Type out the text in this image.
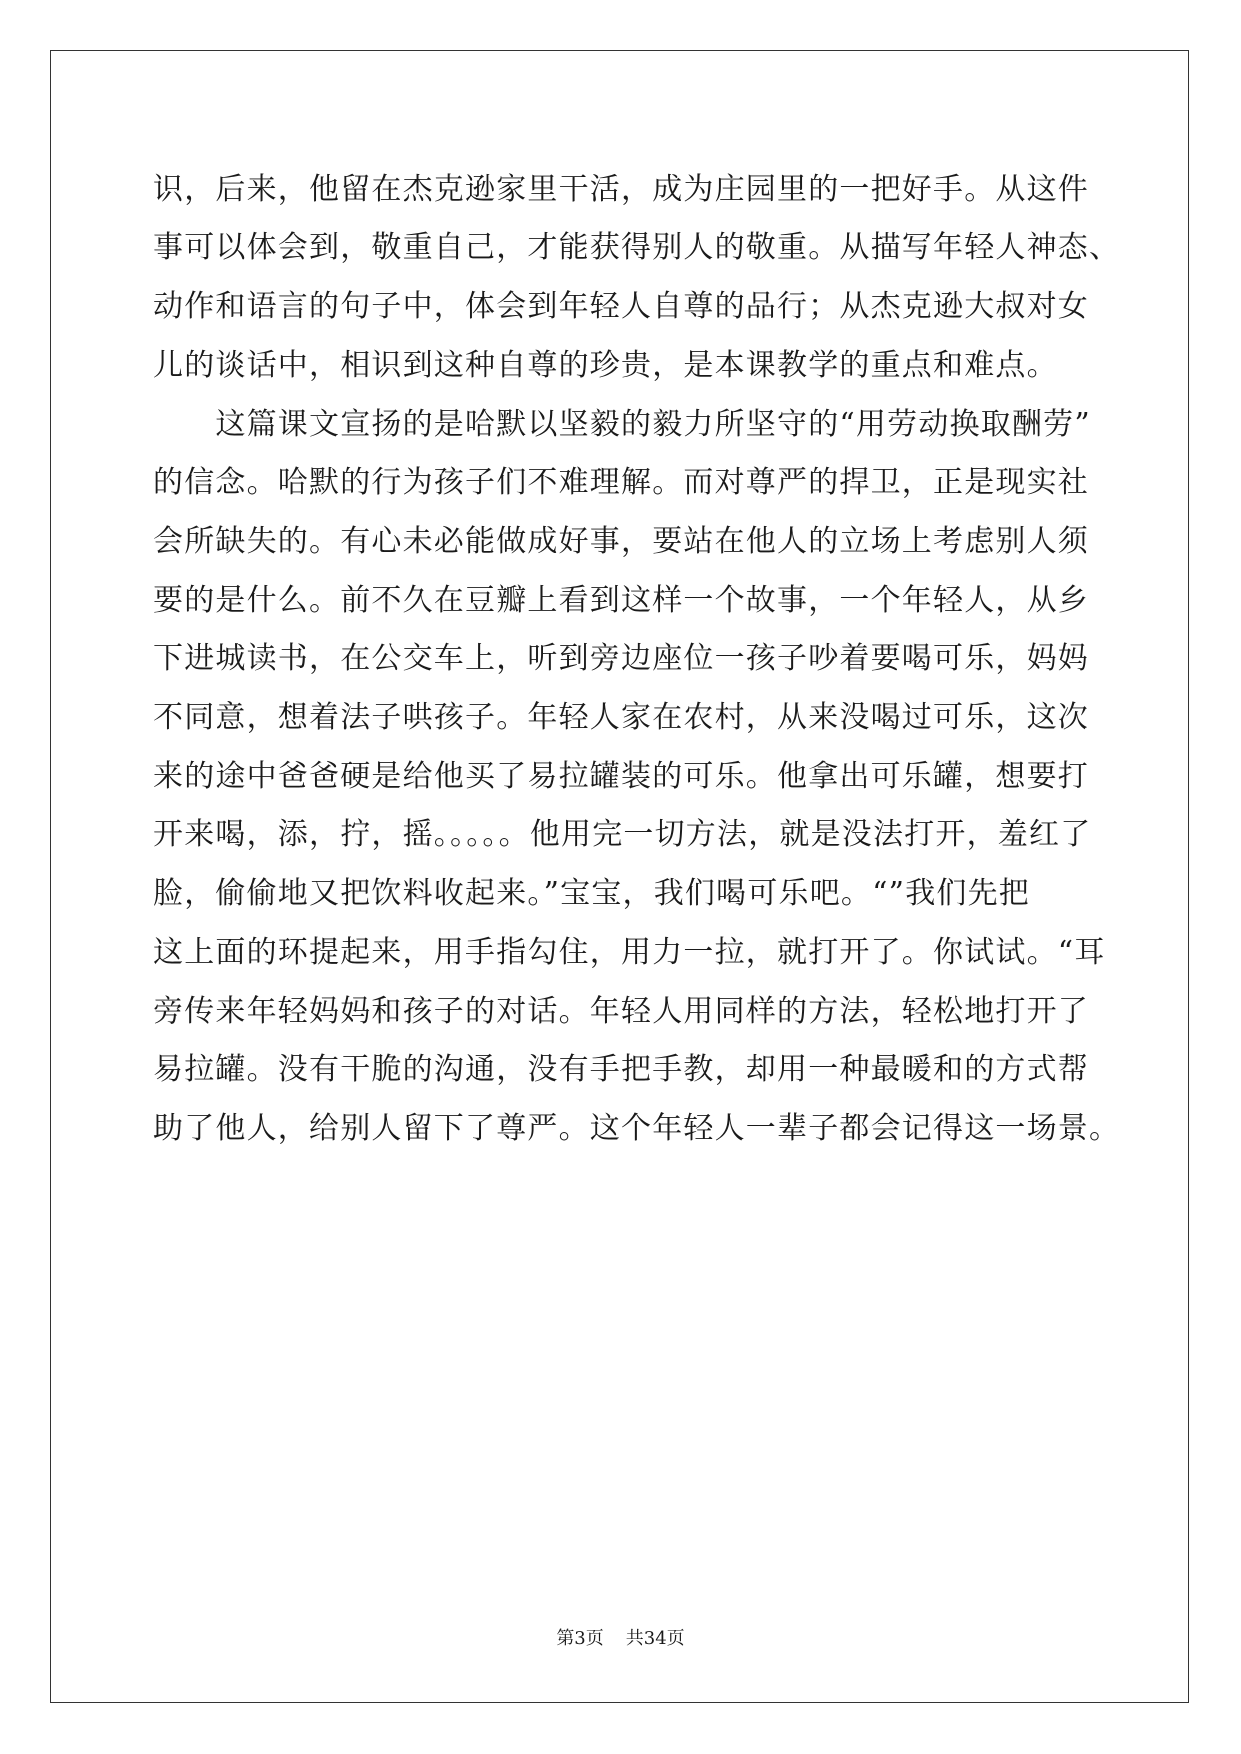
识，后来，他留在杰克逊家里干活，成为庄园里的一把好手。从这件
事可以体会到，敬重自己，才能获得别人的敬重。从描写年轻人神态、
动作和语言的句子中，体会到年轻人自尊的品行；从杰克逊大叔对女
儿的谈话中，相识到这种自尊的珍贵，是本课教学的重点和难点。
　　这篇课文宣扬的是哈默以坚毅的毅力所坚守的“用劳动换取酬劳”
的信念。哈默的行为孩子们不难理解。而对尊严的捍卫，正是现实社
会所缺失的。有心未必能做成好事，要站在他人的立场上考虑别人须
要的是什么。前不久在豆瓣上看到这样一个故事，一个年轻人，从乡
下进城读书，在公交车上，听到旁边座位一孩子吵着要喝可乐，妈妈
不同意，想着法子哄孩子。年轻人家在农村，从来没喝过可乐，这次
来的途中爸爸硬是给他买了易拉罐装的可乐。他拿出可乐罐，想要打
开来喝，添，拧，摇。。。。。他用完一切方法，就是没法打开，羞红了
脸，偷偷地又把饮料收起来。”宝宝，我们喝可乐吧。“”我们先把
这上面的环提起来，用手指勾住，用力一拉，就打开了。你试试。“耳
旁传来年轻妈妈和孩子的对话。年轻人用同样的方法，轻松地打开了
易拉罐。没有干脆的沟通，没有手把手教，却用一种最暖和的方式帮
助了他人，给别人留下了尊严。这个年轻人一辈子都会记得这一场景。
第3页 共34页
